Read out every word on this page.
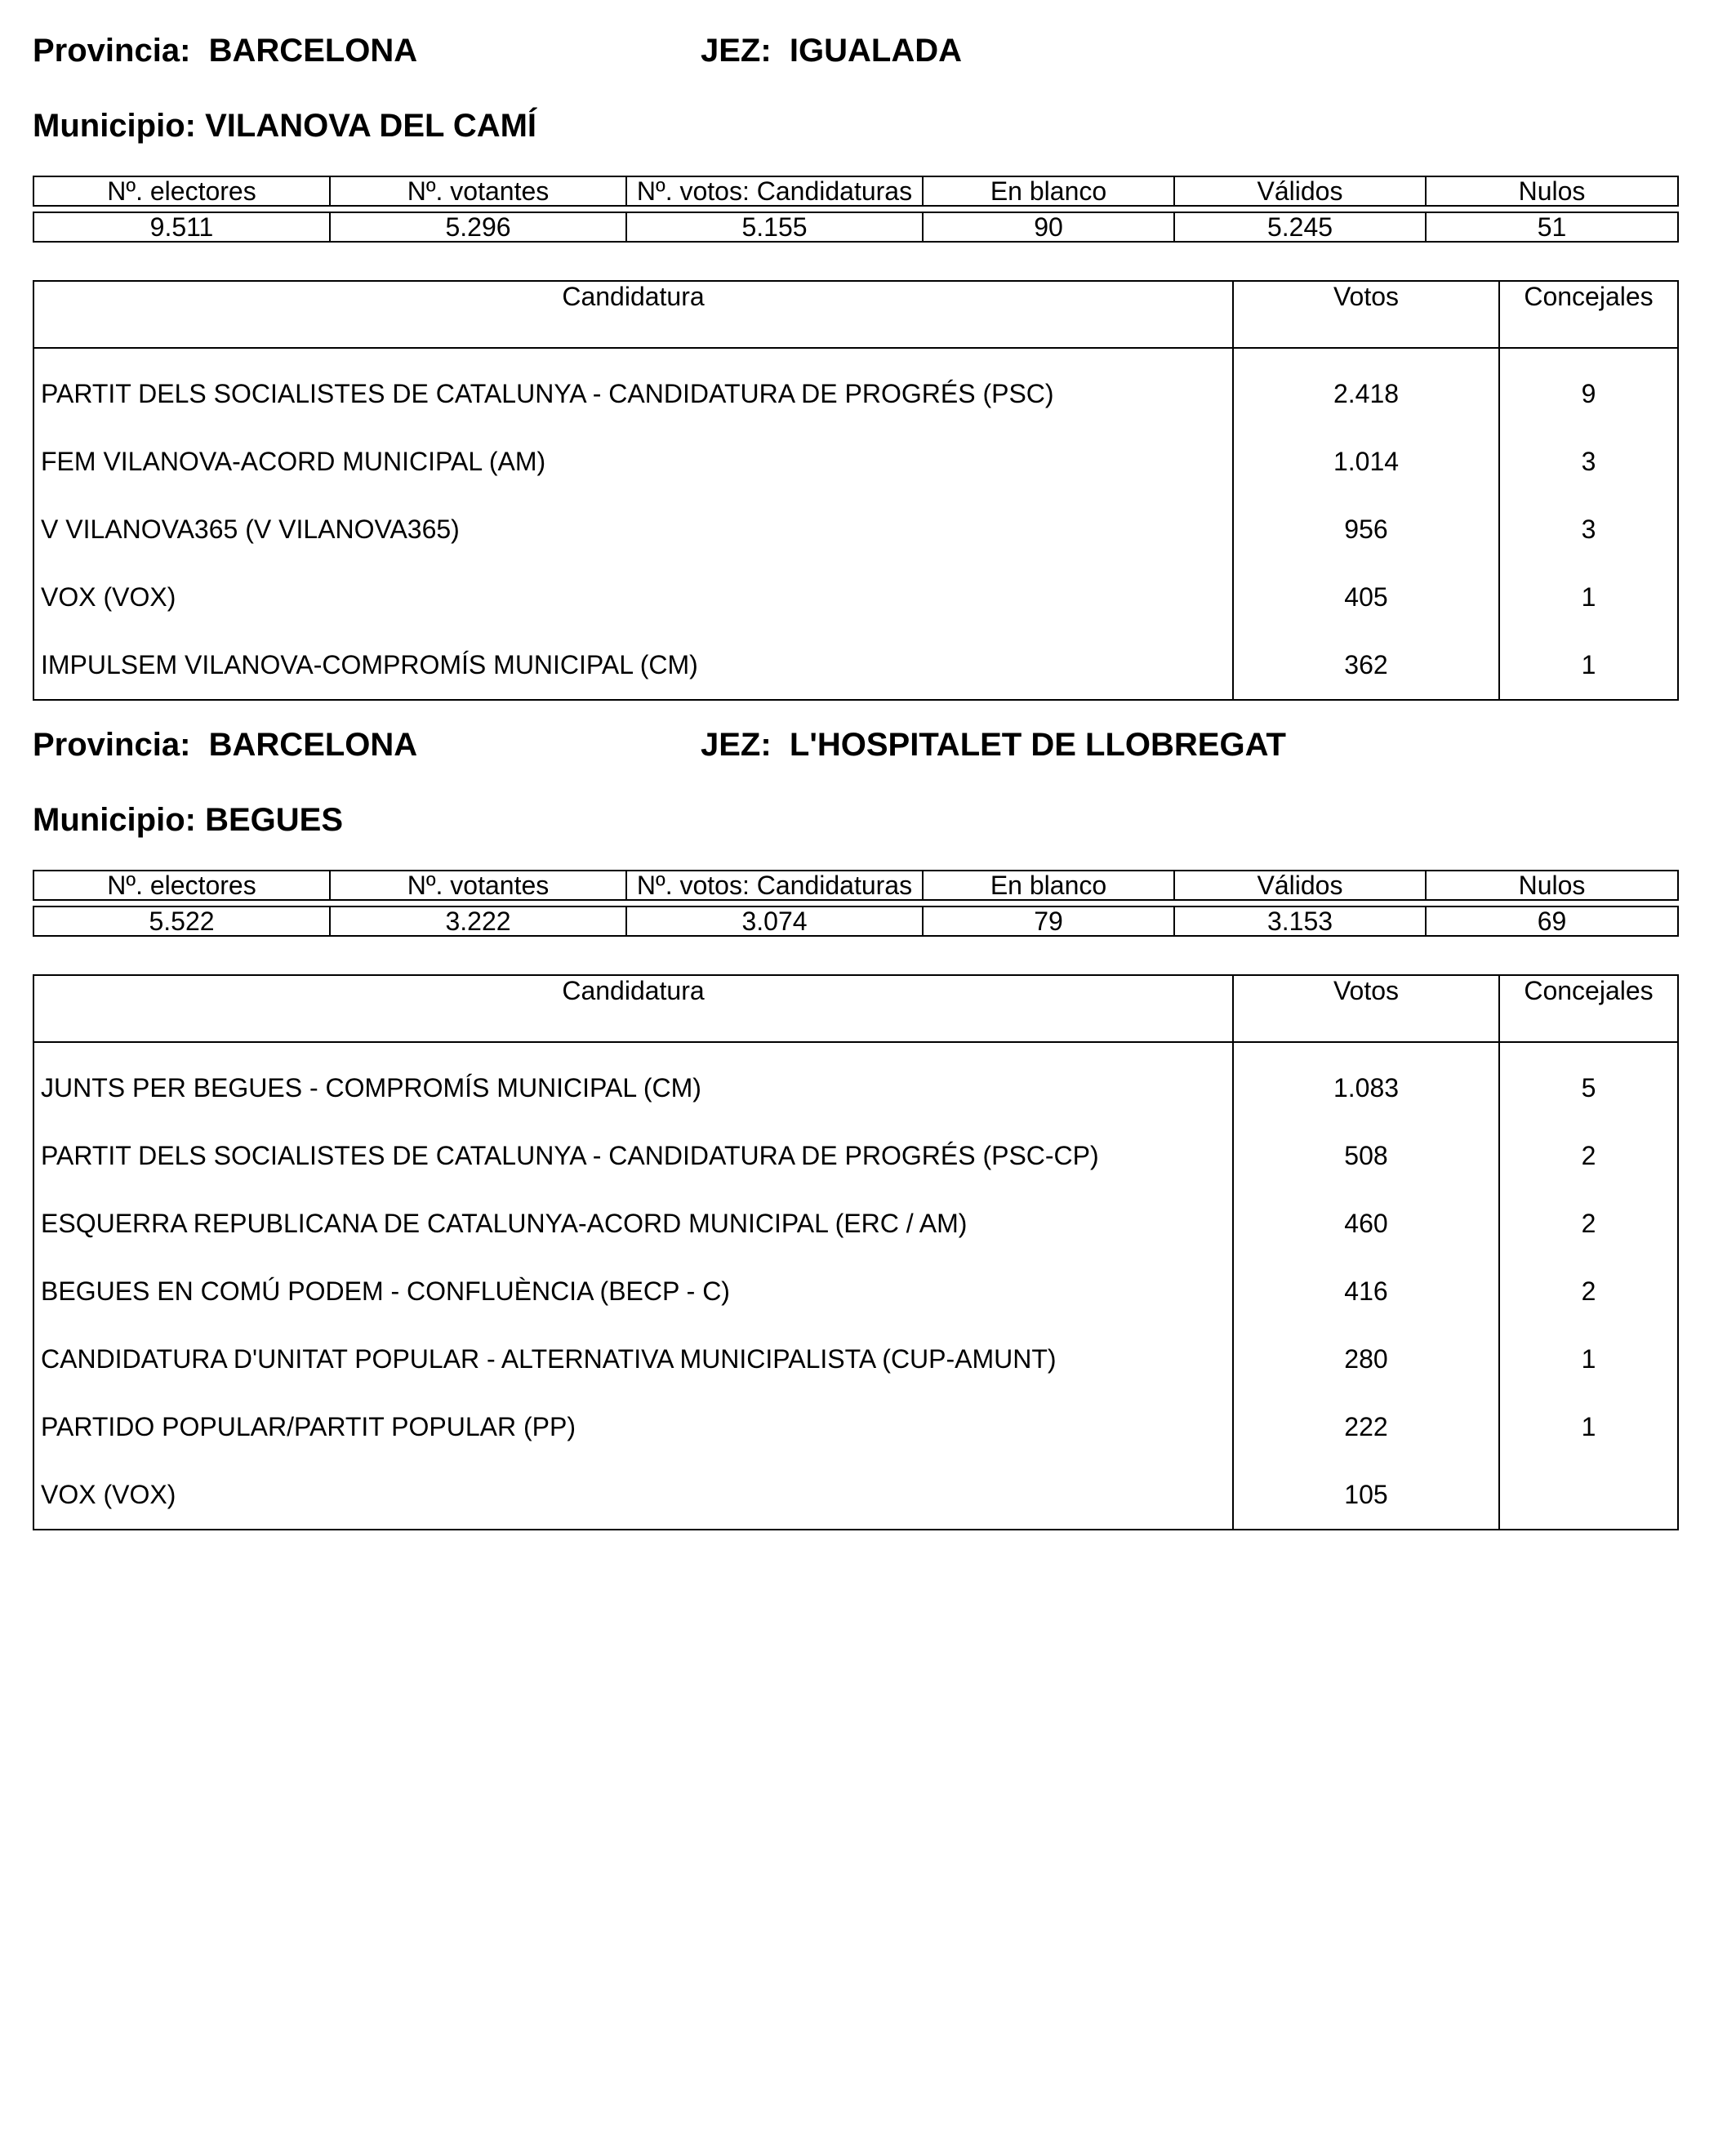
Provincia: BARCELONA	JEZ: IGUALADA
Municipio: VILANOVA DEL CAMÍ
Nº. electores	Nº. votantes	Nº. votos: Candidaturas	En blanco	Válidos	Nulos

9.511	5.296	5.155	90	5.245	51
Candidatura	Votos	Concejales
PARTIT DELS SOCIALISTES DE CATALUNYA - CANDIDATURA DE PROGRÉS (PSC)	2.418	9
FEM VILANOVA-ACORD MUNICIPAL (AM)	1.014	3
V VILANOVA365 (V VILANOVA365)	956	3
VOX (VOX)	405	1
IMPULSEM VILANOVA-COMPROMÍS MUNICIPAL (CM)	362	1
Provincia: BARCELONA	JEZ: L'HOSPITALET DE LLOBREGAT
Municipio: BEGUES
Nº. electores	Nº. votantes	Nº. votos: Candidaturas	En blanco	Válidos	Nulos

5.522	3.222	3.074	79	3.153	69
Candidatura	Votos	Concejales
JUNTS PER BEGUES - COMPROMÍS MUNICIPAL (CM)	1.083	5
PARTIT DELS SOCIALISTES DE CATALUNYA - CANDIDATURA DE PROGRÉS (PSC-CP)	508	2
ESQUERRA REPUBLICANA DE CATALUNYA-ACORD MUNICIPAL (ERC / AM)	460	2
BEGUES EN COMÚ PODEM - CONFLUÈNCIA (BECP - C)	416	2
CANDIDATURA D'UNITAT POPULAR - ALTERNATIVA MUNICIPALISTA (CUP-AMUNT)	280	1
PARTIDO POPULAR/PARTIT POPULAR (PP)	222	1
VOX (VOX)	105	
